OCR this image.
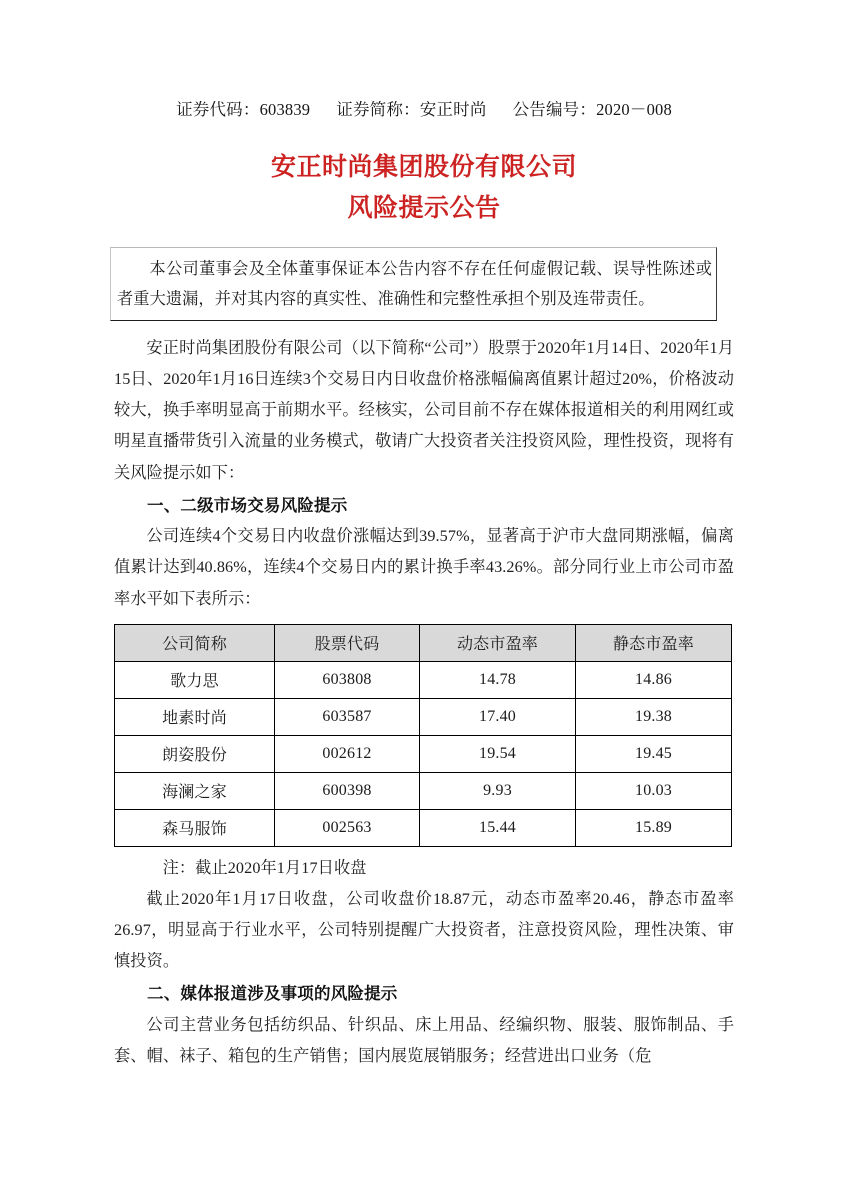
证券代码：603839 证券简称：安正时尚 公告编号：2020－008
安正时尚集团股份有限公司
风险提示公告

本公司董事会及全体董事保证本公告内容不存在任何虚假记载、误导性陈述或者重大遗漏，并对其内容的真实性、准确性和完整性承担个别及连带责任。

安正时尚集团股份有限公司（以下简称“公司”）股票于2020年1月14日、2020年1月15日、2020年1月16日连续3个交易日内日收盘价格涨幅偏离值累计超过20%，价格波动较大，换手率明显高于前期水平。经核实，公司目前不存在媒体报道相关的利用网红或明星直播带货引入流量的业务模式，敬请广大投资者关注投资风险，理性投资，现将有关风险提示如下：

一、二级市场交易风险提示

公司连续4个交易日内收盘价涨幅达到39.57%，显著高于沪市大盘同期涨幅，偏离值累计达到40.86%，连续4个交易日内的累计换手率43.26%。部分同行业上市公司市盈率水平如下表所示：

公司简称	股票代码	动态市盈率	静态市盈率
歌力思	603808	14.78	14.86
地素时尚	603587	17.40	19.38
朗姿股份	002612	19.54	19.45
海澜之家	600398	9.93	10.03
森马服饰	002563	15.44	15.89

注：截止2020年1月17日收盘

截止2020年1月17日收盘，公司收盘价18.87元，动态市盈率20.46，静态市盈率26.97，明显高于行业水平，公司特别提醒广大投资者，注意投资风险，理性决策、审慎投资。

二、媒体报道涉及事项的风险提示

公司主营业务包括纺织品、针织品、床上用品、经编织物、服装、服饰制品、手套、帽、袜子、箱包的生产销售；国内展览展销服务；经营进出口业务（危
